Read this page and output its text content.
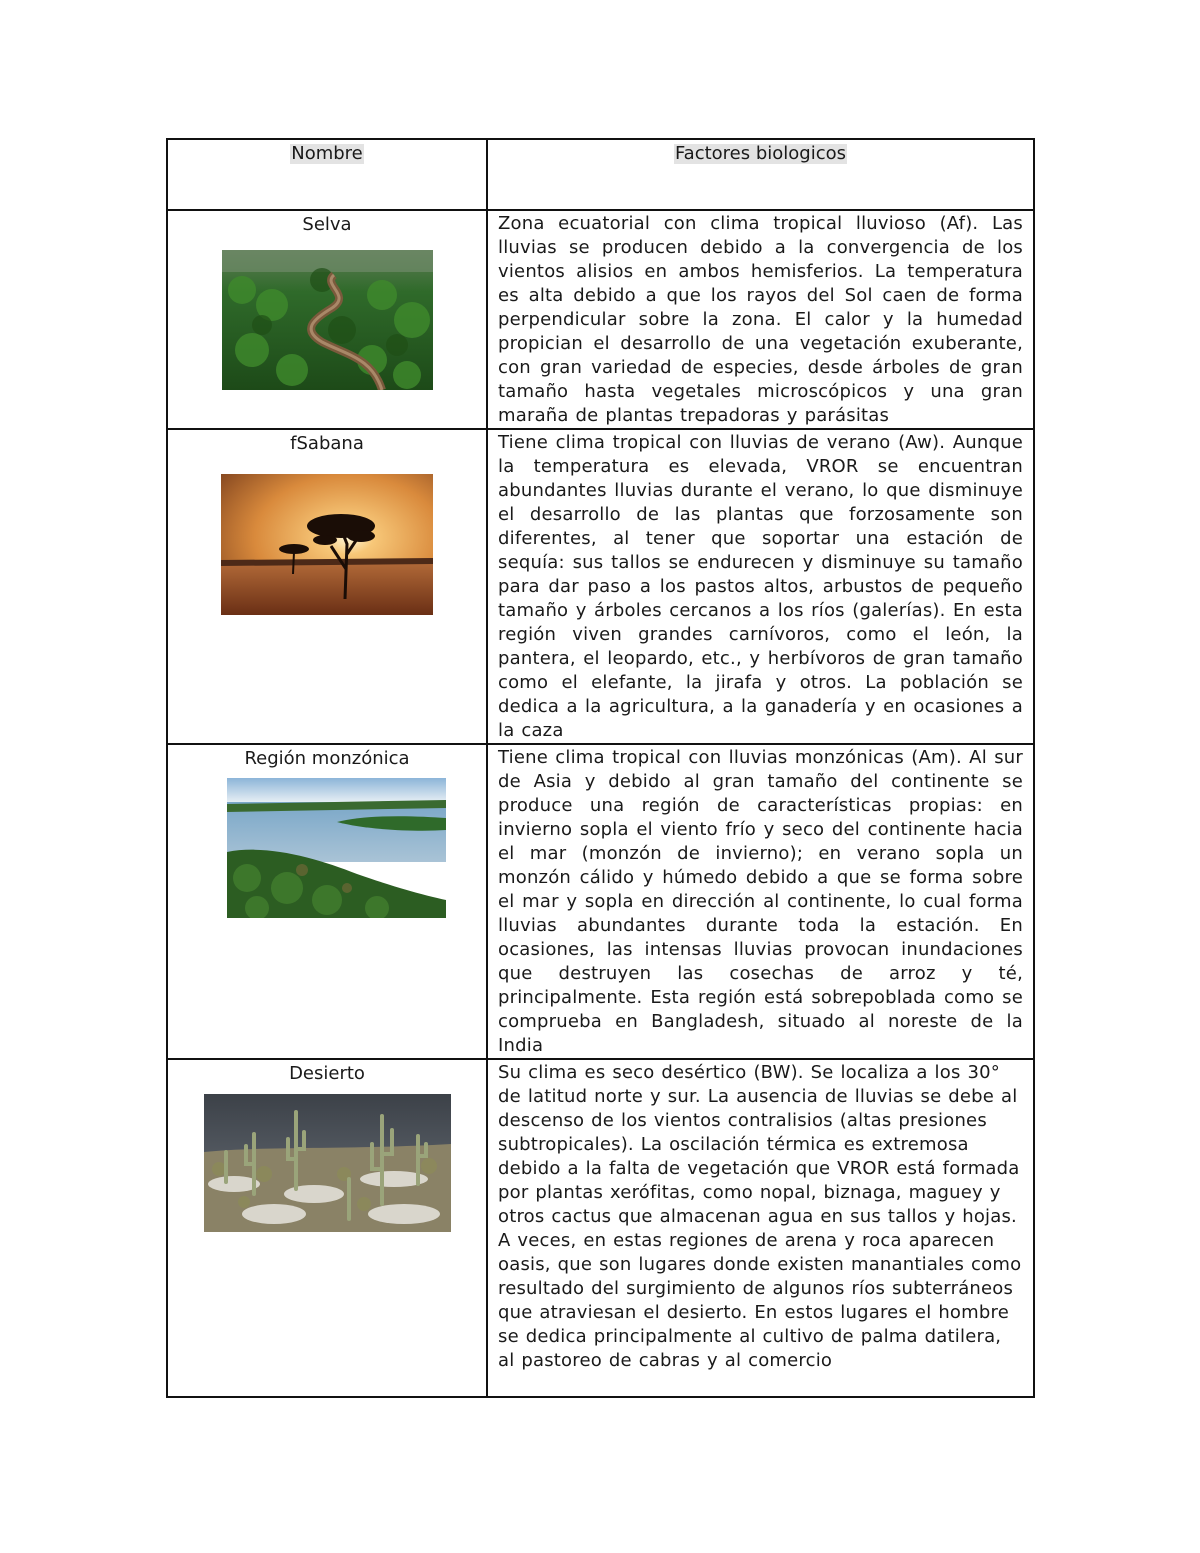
Nombre	Factores biologicos

Selva	Zona ecuatorial con clima tropical lluvioso (Af). Las lluvias se producen debido a la convergencia de los vientos alisios en ambos hemisferios. La temperatura es alta debido a que los rayos del Sol caen de forma perpendicular sobre la zona. El calor y la humedad propician el desarrollo de una vegetación exuberante, con gran variedad de especies, desde árboles de gran tamaño hasta vegetales microscópicos y una gran maraña de plantas trepadoras y parásitas

fSabana	Tiene clima tropical con lluvias de verano (Aw). Aunque la temperatura es elevada, VROR se encuentran abundantes lluvias durante el verano, lo que disminuye el desarrollo de las plantas que forzosamente son diferentes, al tener que soportar una estación de sequía: sus tallos se endurecen y disminuye su tamaño para dar paso a los pastos altos, arbustos de pequeño tamaño y árboles cercanos a los ríos (galerías). En esta región viven grandes carnívoros, como el león, la pantera, el leopardo, etc., y herbívoros de gran tamaño como el elefante, la jirafa y otros. La población se dedica a la agricultura, a la ganadería y en ocasiones a la caza

Región monzónica	Tiene clima tropical con lluvias monzónicas (Am). Al sur de Asia y debido al gran tamaño del continente se produce una región de características propias: en invierno sopla el viento frío y seco del continente hacia el mar (monzón de invierno); en verano sopla un monzón cálido y húmedo debido a que se forma sobre el mar y sopla en dirección al continente, lo cual forma lluvias abundantes durante toda la estación. En ocasiones, las intensas lluvias provocan inundaciones que destruyen las cosechas de arroz y té, principalmente. Esta región está sobrepoblada como se comprueba en Bangladesh, situado al noreste de la India

Desierto	Su clima es seco desértico (BW). Se localiza a los 30° de latitud norte y sur. La ausencia de lluvias se debe al descenso de los vientos contralisios (altas presiones subtropicales). La oscilación térmica es extremosa debido a la falta de vegetación que VROR está formada por plantas xerófitas, como nopal, biznaga, maguey y otros cactus que almacenan agua en sus tallos y hojas. A veces, en estas regiones de arena y roca aparecen oasis, que son lugares donde existen manantiales como resultado del surgimiento de algunos ríos subterráneos que atraviesan el desierto. En estos lugares el hombre se dedica principalmente al cultivo de palma datilera, al pastoreo de cabras y al comercio
